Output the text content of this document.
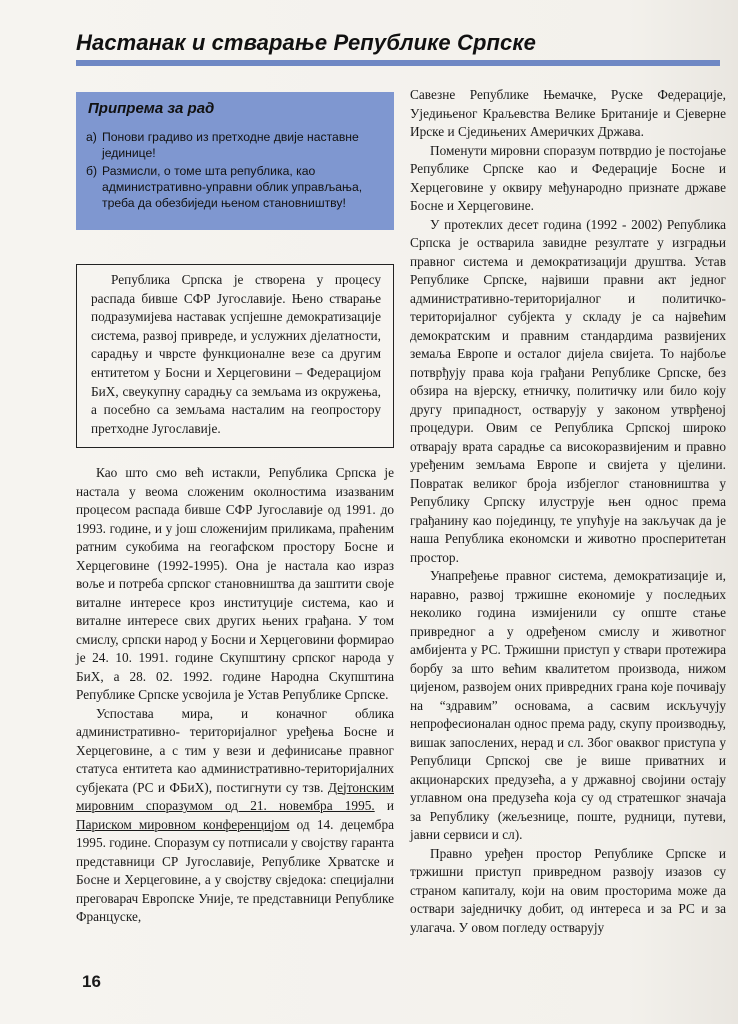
Настанак и стварање Републике Српске
Припрема за рад
а) Понови градиво из претходне двије наставне јединице!
б) Размисли, о томе шта република, као административно-управни облик управљања, треба да обезбиједи њеном становништву!
Република Српска је створена у процесу распада бивше СФР Југославије. Њено стварање подразумијева наставак успјешне демократизације система, развој привреде, и услужних дјелатности, сарадњу и чврсте функционалне везе са другим ентитетом у Босни и Херцеговини – Федерацијом БиХ, свеукупну сарадњу са земљама из окружења, а посебно са земљама насталим на геопростору претходне Југославије.

Као што смо већ истакли, Република Српска је настала у веома сложеним околностима изазваним процесом распада бивше СФР Југославије од 1991. до 1993. године, и у још сложенијим приликама, праћеним ратним сукобима на геогафском простору Босне и Херцеговине (1992-1995). Она је настала као израз воље и потреба српског становништва да заштити своје виталне интересе кроз институције система, као и виталне интересе свих других њених грађана. У том смислу, српски народ у Босни и Херцеговини формирао је 24. 10. 1991. године Скупштину српског народа у БиХ, а 28. 02. 1992. године Народна Скупштина Републике Српске усвојила је Устав Републике Српске.

Успостава мира, и коначног облика административно- територијалног уређења Босне и Херцеговине, а с тим у вези и дефинисање правног статуса ентитета као административно-територијалних субјеката (РС и ФБиХ), постигнути су тзв. Дејтонским мировним споразумом од 21. новембра 1995. и Париском мировном конференцијом од 14. децембра 1995. године. Споразум су потписали у својству гаранта представници СР Југославије, Републике Хрватске и Босне и Херцеговине, а у својству свједока: специјални преговарач Европске Уније, те представници Републике Француске,

Савезне Републике Њемачке, Руске Федерације, Уједињеног Краљевства Велике Британије и Сјеверне Ирске и Сједињених Америчких Држава.

Поменути мировни споразум потврдио је постојање Републике Српске као и Федерације Босне и Херцеговине у оквиру међународно признате државе Босне и Херцеговине.

У протеклих десет година (1992 - 2002) Република Српска је остварила завидне резултате у изградњи правног система и демократизацији друштва. Устав Републике Српске, највиши правни акт једног административно-територијалног и политичко-територијалног субјекта у складу је са највећим демократским и правним стандардима развијених земаља Европе и осталог дијела свијета. То најбоље потврђују права која грађани Републике Српске, без обзира на вјерску, етничку, политичку или било коју другу припадност, остварују у законом утврђеној процедури. Овим се Република Српској широко отварају врата сарадње са високоразвијеним и правно уређеним земљама Европе и свијета у цјелини. Повратак великог броја избјеглог становништва у Републику Српску илуструје њен однос према грађанину као појединцу, те упућује на закључак да је наша Република економски и животно просперитетан простор.

Унапређење правног система, демократизације и, наравно, развој тржишне економије у последњих неколико година измијенили су опште стање привредног а у одређеном смислу и животног амбијента у РС. Тржишни приступ у ствари протежира борбу за што већим квалитетом производа, нижом цијеном, развојем оних привредних грана које почивају на “здравим” основама, а сасвим искључују непрофесионалан однос према раду, скупу производњу, вишак запослених, нерад и сл. Због оваквог приступа у Републици Српској све је више приватних и акционарских предузећа, а у државној својини остају углавном она предузећа која су од стратешког значаја за Републику (жељезнице, поште, рудници, путеви, јавни сервиси и сл).

Правно уређен простор Републике Српске и тржишни приступ привредном развоју изазов су страном капиталу, који на овим просторима може да оствари заједничку добит, од интереса и за РС и за улагача. У овом погледу остварују

16
